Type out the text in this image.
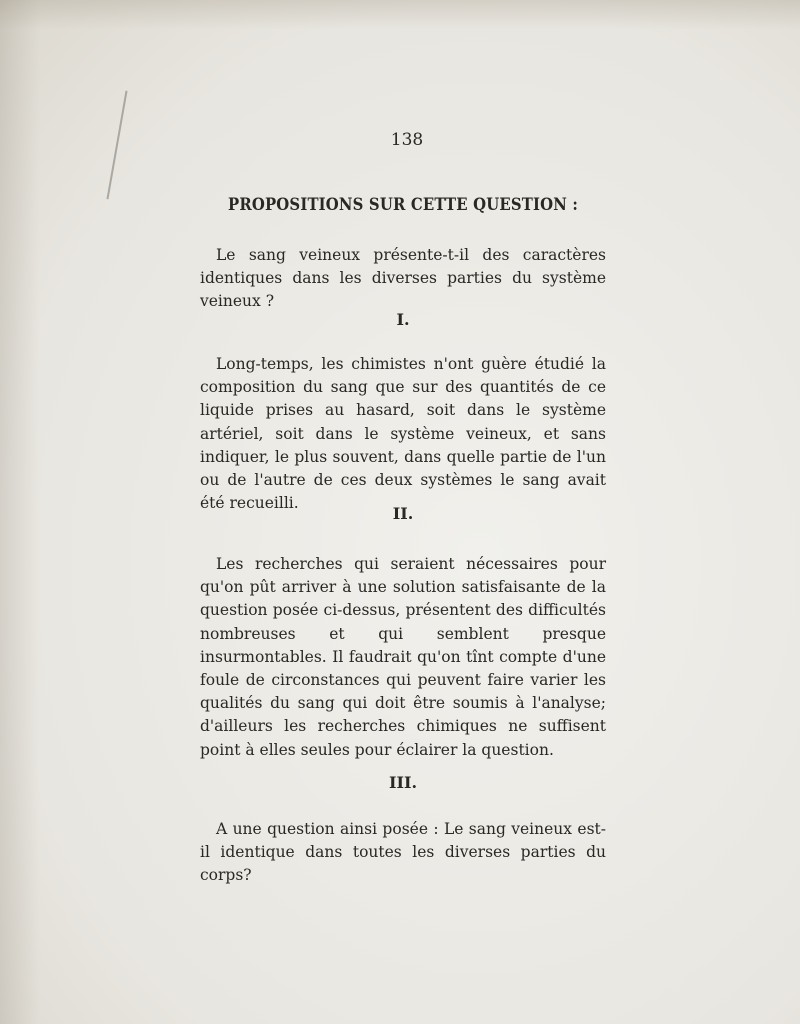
138
PROPOSITIONS SUR CETTE QUESTION :

Le sang veineux présente-t-il des caractères identiques dans les diverses parties du système veineux ?

I.

Long-temps, les chimistes n'ont guère étudié la composition du sang que sur des quantités de ce liquide prises au hasard, soit dans le système artériel, soit dans le système veineux, et sans indiquer, le plus souvent, dans quelle partie de l'un ou de l'autre de ces deux systèmes le sang avait été recueilli.

II.

Les recherches qui seraient nécessaires pour qu'on pût arriver à une solution satisfaisante de la question posée ci-dessus, présentent des difficultés nombreuses et qui semblent presque insurmontables. Il faudrait qu'on tînt compte d'une foule de circonstances qui peuvent faire varier les qualités du sang qui doit être soumis à l'analyse; d'ailleurs les recherches chimiques ne suffisent point à elles seules pour éclairer la question.

III.

A une question ainsi posée : Le sang veineux est-il identique dans toutes les diverses parties du corps?
